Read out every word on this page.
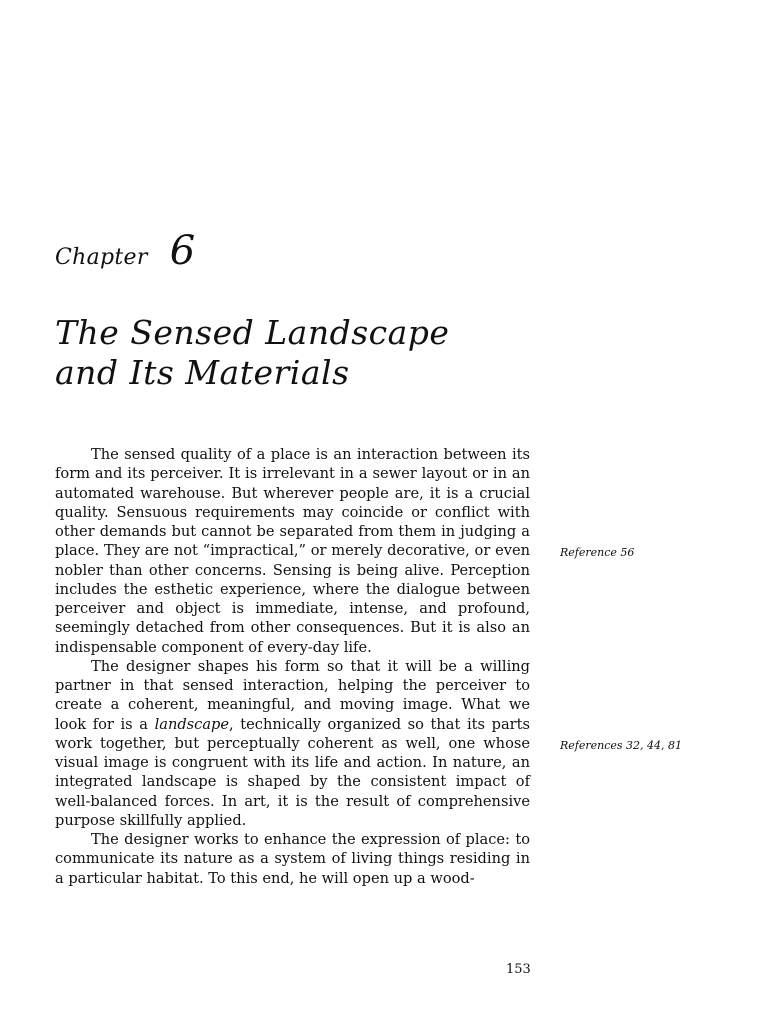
Chapter 6
The Sensed Landscape
and Its Materials

The sensed quality of a place is an interaction between its form and its perceiver. It is irrelevant in a sewer layout or in an automated warehouse. But wherever people are, it is a crucial quality. Sensuous requirements may coincide or conflict with other demands but cannot be separated from them in judging a place. They are not “impractical,” or merely decorative, or even nobler than other concerns. Sensing is being alive. Perception includes the esthetic experience, where the dialogue between perceiver and object is immediate, intense, and profound, seemingly detached from other consequences. But it is also an indispensable component of every-day life.

The designer shapes his form so that it will be a willing partner in that sensed interaction, helping the perceiver to create a coherent, meaningful, and moving image. What we look for is a landscape, technically organized so that its parts work together, but perceptually coherent as well, one whose visual image is congruent with its life and action. In nature, an integrated landscape is shaped by the consistent impact of well-balanced forces. In art, it is the result of comprehensive purpose skillfully applied.

The designer works to enhance the expression of place: to communicate its nature as a system of living things residing in a particular habitat. To this end, he will open up a wood-

Reference 56
References 32, 44, 81
153
